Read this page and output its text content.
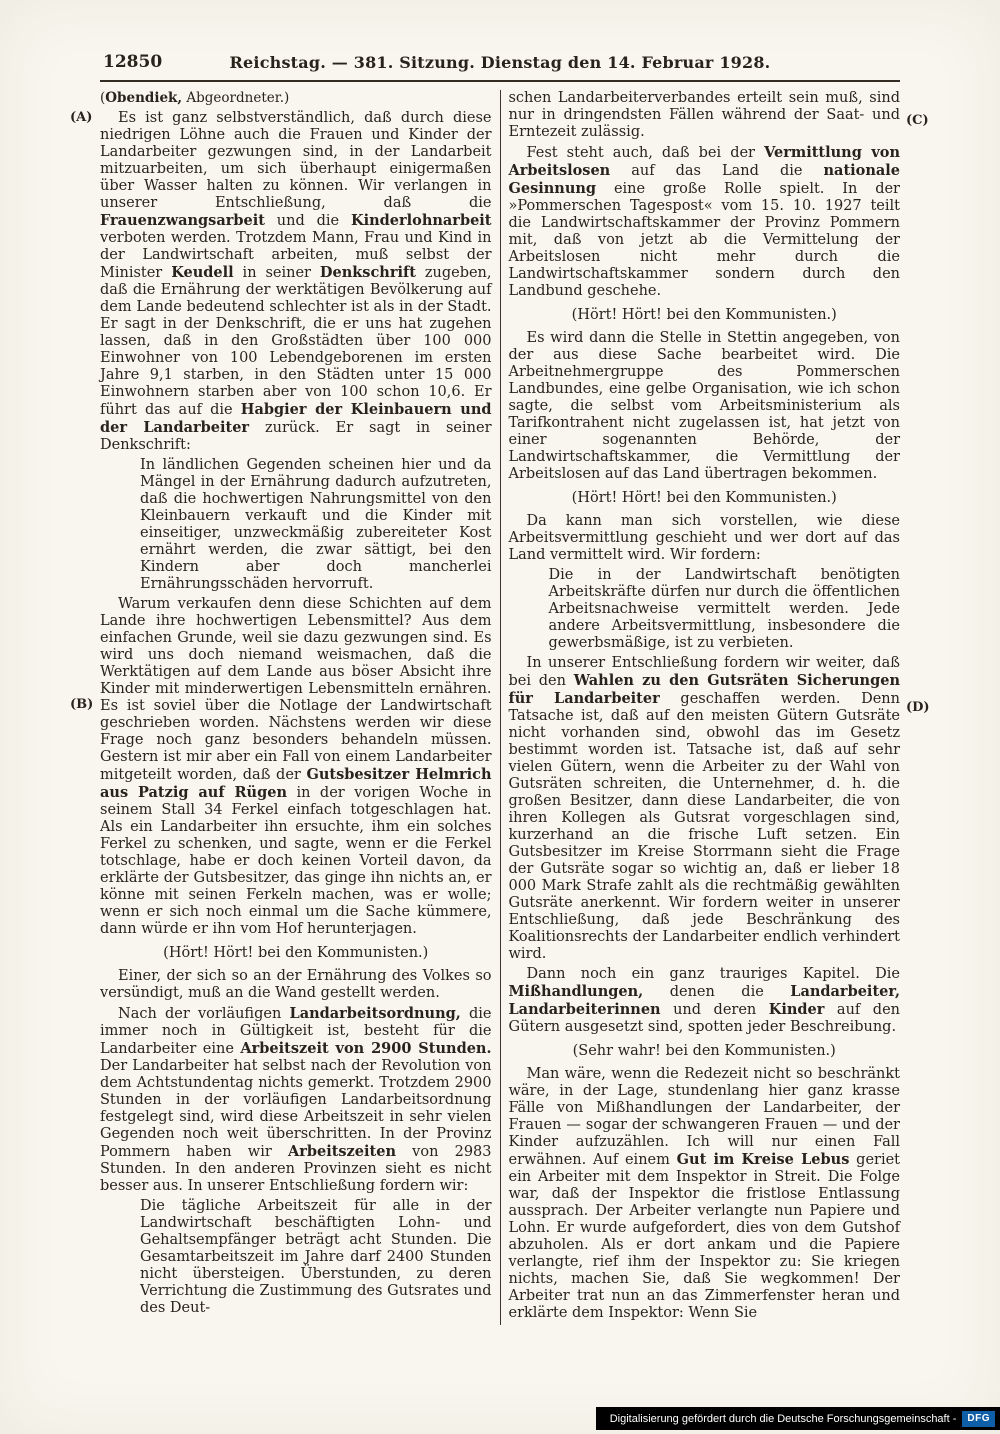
12850	Reichstag. — 381. Sitzung. Dienstag den 14. Februar 1928.
(A)
(B)
(C)
(D)

(Obendiek, Abgeordneter.)

Es ist ganz selbstverständlich, daß durch diese niedrigen Löhne auch die Frauen und Kinder der Landarbeiter gezwungen sind, in der Landarbeit mitzuarbeiten, um sich überhaupt einigermaßen über Wasser halten zu können. Wir verlangen in unserer Entschließung, daß die Frauenzwangsarbeit und die Kinderlohnarbeit verboten werden. Trotzdem Mann, Frau und Kind in der Landwirtschaft arbeiten, muß selbst der Minister Keudell in seiner Denkschrift zugeben, daß die Ernährung der werktätigen Bevölkerung auf dem Lande bedeutend schlechter ist als in der Stadt. Er sagt in der Denkschrift, die er uns hat zugehen lassen, daß in den Großstädten über 100 000 Einwohner von 100 Lebendgeborenen im ersten Jahre 9,1 starben, in den Städten unter 15 000 Einwohnern starben aber von 100 schon 10,6. Er führt das auf die Habgier der Kleinbauern und der Landarbeiter zurück. Er sagt in seiner Denkschrift:

In ländlichen Gegenden scheinen hier und da Mängel in der Ernährung dadurch aufzutreten, daß die hochwertigen Nahrungsmittel von den Kleinbauern verkauft und die Kinder mit einseitiger, unzweckmäßig zubereiteter Kost ernährt werden, die zwar sättigt, bei den Kindern aber doch mancherlei Ernährungsschäden hervorruft.

Warum verkaufen denn diese Schichten auf dem Lande ihre hochwertigen Lebensmittel? Aus dem einfachen Grunde, weil sie dazu gezwungen sind. Es wird uns doch niemand weismachen, daß die Werktätigen auf dem Lande aus böser Absicht ihre Kinder mit minderwertigen Lebensmitteln ernähren. Es ist soviel über die Notlage der Landwirtschaft geschrieben worden. Nächstens werden wir diese Frage noch ganz besonders behandeln müssen. Gestern ist mir aber ein Fall von einem Landarbeiter mitgeteilt worden, daß der Gutsbesitzer Helmrich aus Patzig auf Rügen in der vorigen Woche in seinem Stall 34 Ferkel einfach totgeschlagen hat. Als ein Landarbeiter ihn ersuchte, ihm ein solches Ferkel zu schenken, und sagte, wenn er die Ferkel totschlage, habe er doch keinen Vorteil davon, da erklärte der Gutsbesitzer, das ginge ihn nichts an, er könne mit seinen Ferkeln machen, was er wolle; wenn er sich noch einmal um die Sache kümmere, dann würde er ihn vom Hof herunterjagen.

(Hört! Hört! bei den Kommunisten.)

Einer, der sich so an der Ernährung des Volkes so versündigt, muß an die Wand gestellt werden.

Nach der vorläufigen Landarbeitsordnung, die immer noch in Gültigkeit ist, besteht für die Landarbeiter eine Arbeitszeit von 2900 Stunden. Der Landarbeiter hat selbst nach der Revolution von dem Achtstundentag nichts gemerkt. Trotzdem 2900 Stunden in der vorläufigen Landarbeitsordnung festgelegt sind, wird diese Arbeitszeit in sehr vielen Gegenden noch weit überschritten. In der Provinz Pommern haben wir Arbeitszeiten von 2983 Stunden. In den anderen Provinzen sieht es nicht besser aus. In unserer Entschließung fordern wir:

Die tägliche Arbeitszeit für alle in der Landwirtschaft beschäftigten Lohn- und Gehaltsempfänger beträgt acht Stunden. Die Gesamtarbeitszeit im Jahre darf 2400 Stunden nicht übersteigen. Überstunden, zu deren Verrichtung die Zustimmung des Gutsrates und des Deut-

schen Landarbeiterverbandes erteilt sein muß, sind nur in dringendsten Fällen während der Saat- und Erntezeit zulässig.

Fest steht auch, daß bei der Vermittlung von Arbeitslosen auf das Land die nationale Gesinnung eine große Rolle spielt. In der »Pommerschen Tagespost« vom 15. 10. 1927 teilt die Landwirtschaftskammer der Provinz Pommern mit, daß von jetzt ab die Vermittelung der Arbeitslosen nicht mehr durch die Landwirtschaftskammer sondern durch den Landbund geschehe.

(Hört! Hört! bei den Kommunisten.)

Es wird dann die Stelle in Stettin angegeben, von der aus diese Sache bearbeitet wird. Die Arbeitnehmergruppe des Pommerschen Landbundes, eine gelbe Organisation, wie ich schon sagte, die selbst vom Arbeitsministerium als Tarifkontrahent nicht zugelassen ist, hat jetzt von einer sogenannten Behörde, der Landwirtschaftskammer, die Vermittlung der Arbeitslosen auf das Land übertragen bekommen.

(Hört! Hört! bei den Kommunisten.)

Da kann man sich vorstellen, wie diese Arbeitsvermittlung geschieht und wer dort auf das Land vermittelt wird. Wir fordern:

Die in der Landwirtschaft benötigten Arbeitskräfte dürfen nur durch die öffentlichen Arbeitsnachweise vermittelt werden. Jede andere Arbeitsvermittlung, insbesondere die gewerbsmäßige, ist zu verbieten.

In unserer Entschließung fordern wir weiter, daß bei den Wahlen zu den Gutsräten Sicherungen für Landarbeiter geschaffen werden. Denn Tatsache ist, daß auf den meisten Gütern Gutsräte nicht vorhanden sind, obwohl das im Gesetz bestimmt worden ist. Tatsache ist, daß auf sehr vielen Gütern, wenn die Arbeiter zu der Wahl von Gutsräten schreiten, die Unternehmer, d. h. die großen Besitzer, dann diese Landarbeiter, die von ihren Kollegen als Gutsrat vorgeschlagen sind, kurzerhand an die frische Luft setzen. Ein Gutsbesitzer im Kreise Storrmann sieht die Frage der Gutsräte sogar so wichtig an, daß er lieber 18 000 Mark Strafe zahlt als die rechtmäßig gewählten Gutsräte anerkennt. Wir fordern weiter in unserer Entschließung, daß jede Beschränkung des Koalitionsrechts der Landarbeiter endlich verhindert wird.

Dann noch ein ganz trauriges Kapitel. Die Mißhandlungen, denen die Landarbeiter, Landarbeiterinnen und deren Kinder auf den Gütern ausgesetzt sind, spotten jeder Beschreibung.

(Sehr wahr! bei den Kommunisten.)

Man wäre, wenn die Redezeit nicht so beschränkt wäre, in der Lage, stundenlang hier ganz krasse Fälle von Mißhandlungen der Landarbeiter, der Frauen — sogar der schwangeren Frauen — und der Kinder aufzuzählen. Ich will nur einen Fall erwähnen. Auf einem Gut im Kreise Lebus geriet ein Arbeiter mit dem Inspektor in Streit. Die Folge war, daß der Inspektor die fristlose Entlassung aussprach. Der Arbeiter verlangte nun Papiere und Lohn. Er wurde aufgefordert, dies von dem Gutshof abzuholen. Als er dort ankam und die Papiere verlangte, rief ihm der Inspektor zu: Sie kriegen nichts, machen Sie, daß Sie wegkommen! Der Arbeiter trat nun an das Zimmerfenster heran und erklärte dem Inspektor: Wenn Sie

Digitalisierung gefördert durch die Deutsche Forschungsgemeinschaft -	DFG
